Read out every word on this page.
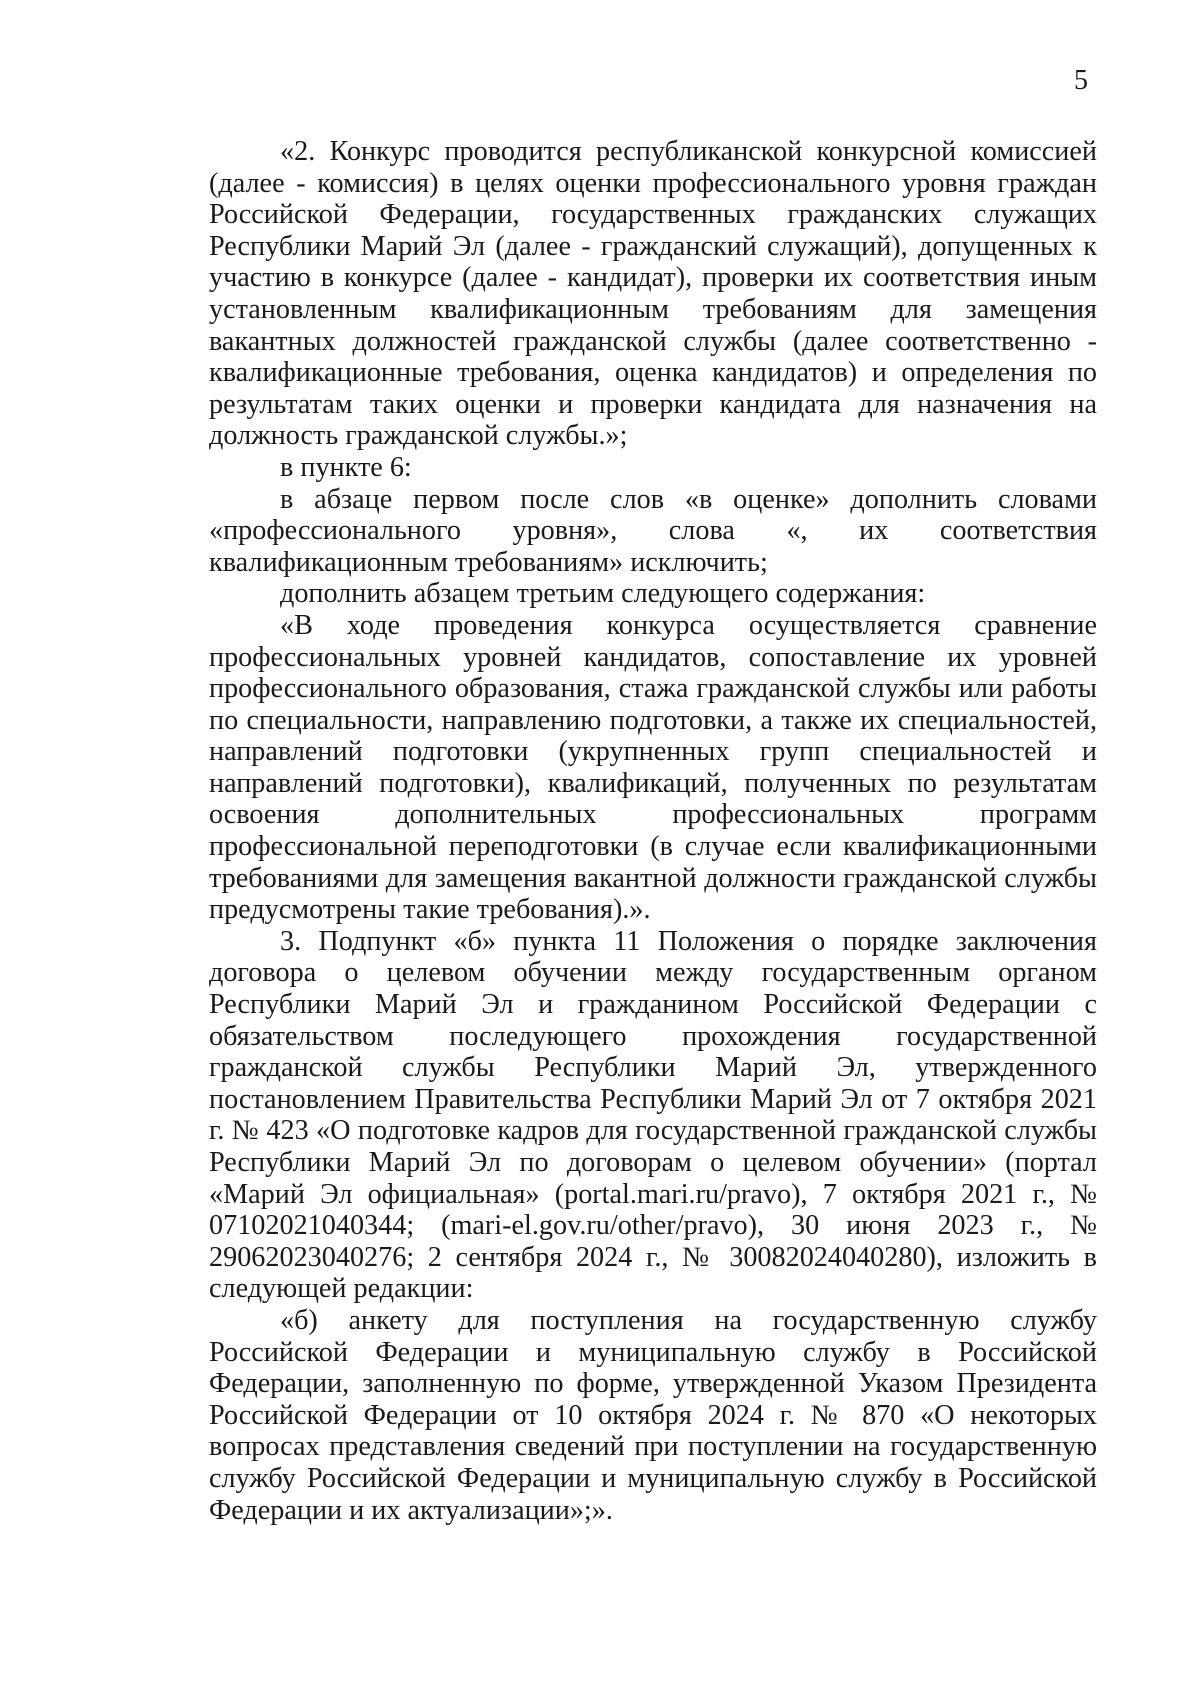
5

«2. Конкурс проводится республиканской конкурсной комиссией (далее - комиссия) в целях оценки профессионального уровня граждан Российской Федерации, государственных гражданских служащих Республики Марий Эл (далее - гражданский служащий), допущенных к участию в конкурсе (далее - кандидат), проверки их соответствия иным установленным квалификационным требованиям для замещения вакантных должностей гражданской службы (далее соответственно - квалификационные требования, оценка кандидатов) и определения по результатам таких оценки и проверки кандидата для назначения на должность гражданской службы.»;

в пункте 6:

в абзаце первом после слов «в оценке» дополнить словами «профессионального уровня», слова «, их соответствия квалификационным требованиям» исключить;

дополнить абзацем третьим следующего содержания:

«В ходе проведения конкурса осуществляется сравнение профессиональных уровней кандидатов, сопоставление их уровней профессионального образования, стажа гражданской службы или работы по специальности, направлению подготовки, а также их специальностей, направлений подготовки (укрупненных групп специальностей и направлений подготовки), квалификаций, полученных по результатам освоения дополнительных профессиональных программ профессиональной переподготовки (в случае если квалификационными требованиями для замещения вакантной должности гражданской службы предусмотрены такие требования).».

3. Подпункт «б» пункта 11 Положения о порядке заключения договора о целевом обучении между государственным органом Республики Марий Эл и гражданином Российской Федерации с обязательством последующего прохождения государственной гражданской службы Республики Марий Эл, утвержденного постановлением Правительства Республики Марий Эл от 7 октября 2021 г. № 423 «О подготовке кадров для государственной гражданской службы Республики Марий Эл по договорам о целевом обучении» (портал «Марий Эл официальная» (portal.mari.ru/pravo), 7 октября 2021 г., № 07102021040344; (mari-el.gov.ru/other/pravo), 30 июня 2023 г., № 29062023040276; 2 сентября 2024 г., № 30082024040280), изложить в следующей редакции:

«б) анкету для поступления на государственную службу Российской Федерации и муниципальную службу в Российской Федерации, заполненную по форме, утвержденной Указом Президента Российской Федерации от 10 октября 2024 г. № 870 «О некоторых вопросах представления сведений при поступлении на государственную службу Российской Федерации и муниципальную службу в Российской Федерации и их актуализации»;».
